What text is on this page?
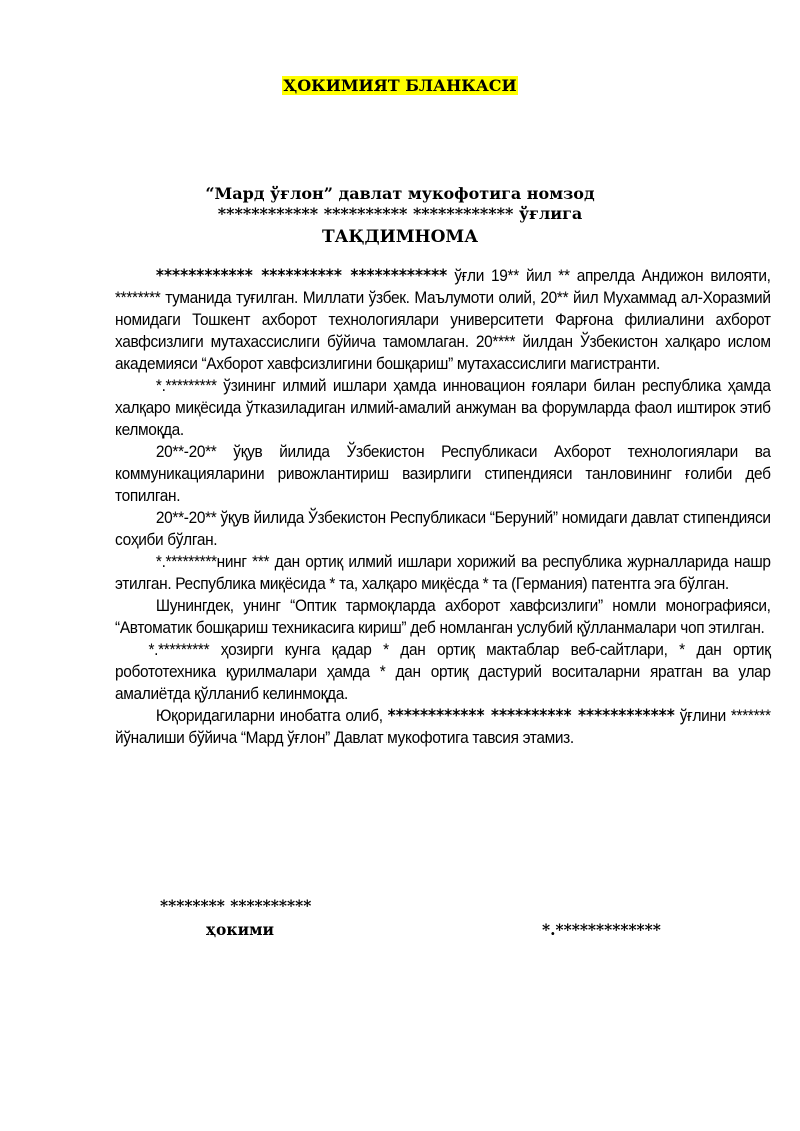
ҲОКИМИЯТ БЛАНКАСИ
“Мард ўғлон” давлат мукофотига номзод
************ ********** ************ ўғлига
ТАҚДИМНОМА

************ ********** ************ ўғли 19** йил ** апрелда Андижон вилояти, ******** туманида туғилган. Миллати ўзбек. Маълумоти олий, 20** йил Мухаммад ал-Хоразмий номидаги Тошкент ахборот технологиялари университети Фарғона филиалини ахборот хавфсизлиги мутахассислиги бўйича тамомлаган. 20**** йилдан Ўзбекистон халқаро ислом академияси “Ахборот хавфсизлигини бошқариш” мутахассислиги магистранти.

*.********* ўзининг илмий ишлари ҳамда инновацион ғоялари билан республика ҳамда халқаро миқёсида ўтказиладиган илмий-амалий анжуман ва форумларда фаол иштирок этиб келмоқда.

20**-20** ўқув йилида Ўзбекистон Республикаси Ахборот технологиялари ва коммуникацияларини ривожлантириш вазирлиги стипендияси танловининг ғолиби деб топилган.

20**-20** ўқув йилида Ўзбекистон Республикаси “Беруний” номидаги давлат стипендияси соҳиби бўлган.

*.*********нинг *** дан ортиқ илмий ишлари хорижий ва республика журналларида нашр этилган. Республика миқёсида * та, халқаро миқёсда * та (Германия) патентга эга бўлган.

Шунингдек, унинг “Оптик тармоқларда ахборот хавфсизлиги” номли монографияси, “Автоматик бошқариш техникасига кириш” деб номланган услубий қўлланмалари чоп этилган.

*.********* ҳозирги кунга қадар * дан ортиқ мактаблар веб-сайтлари, * дан ортиқ робототехника қурилмалари ҳамда * дан ортиқ дастурий воситаларни яратган ва улар амалиётда қўлланиб келинмоқда.

Юқоридагиларни инобатга олиб, ************ ********** ************ ўғлини ******* йўналиши бўйича “Мард ўғлон” Давлат мукофотига тавсия этамиз.

******** **********
ҳокими	*.*************
